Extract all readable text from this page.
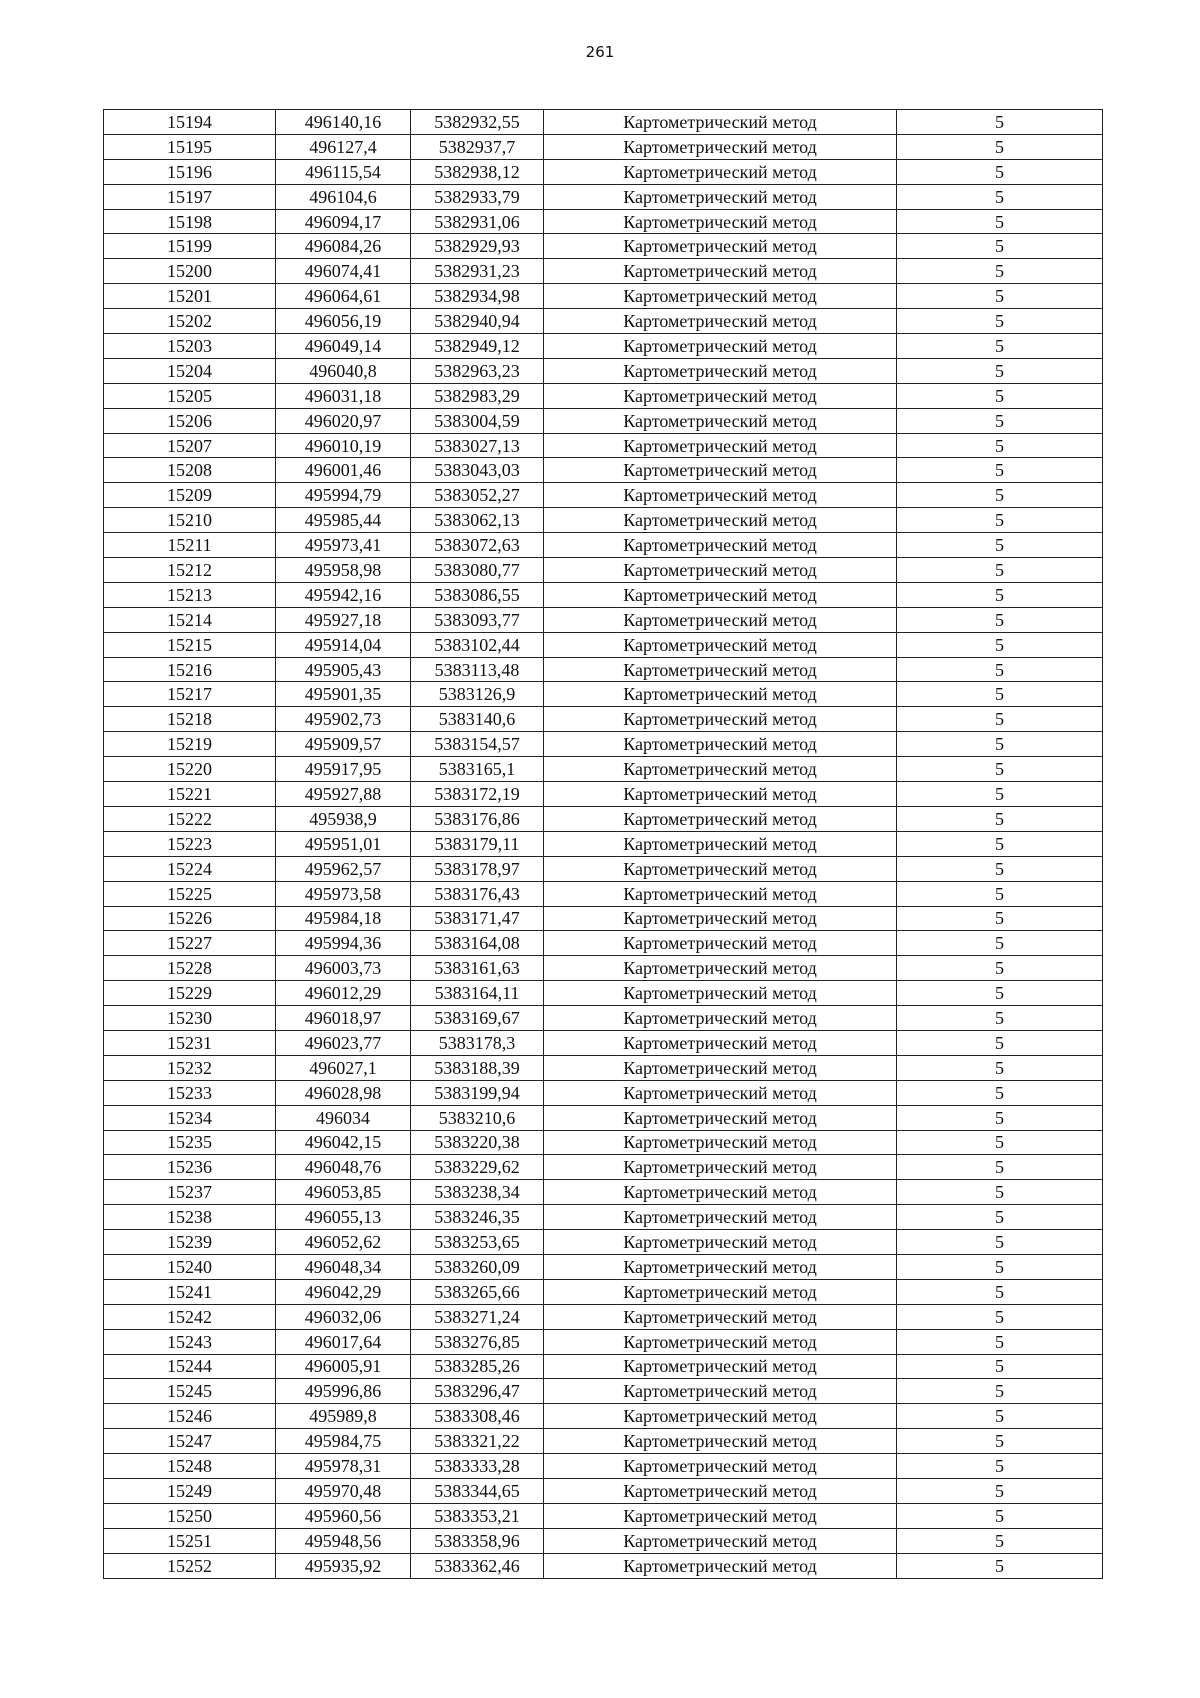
261
15194	496140,16	5382932,55	Картометрический метод	5
15195	496127,4	5382937,7	Картометрический метод	5
15196	496115,54	5382938,12	Картометрический метод	5
15197	496104,6	5382933,79	Картометрический метод	5
15198	496094,17	5382931,06	Картометрический метод	5
15199	496084,26	5382929,93	Картометрический метод	5
15200	496074,41	5382931,23	Картометрический метод	5
15201	496064,61	5382934,98	Картометрический метод	5
15202	496056,19	5382940,94	Картометрический метод	5
15203	496049,14	5382949,12	Картометрический метод	5
15204	496040,8	5382963,23	Картометрический метод	5
15205	496031,18	5382983,29	Картометрический метод	5
15206	496020,97	5383004,59	Картометрический метод	5
15207	496010,19	5383027,13	Картометрический метод	5
15208	496001,46	5383043,03	Картометрический метод	5
15209	495994,79	5383052,27	Картометрический метод	5
15210	495985,44	5383062,13	Картометрический метод	5
15211	495973,41	5383072,63	Картометрический метод	5
15212	495958,98	5383080,77	Картометрический метод	5
15213	495942,16	5383086,55	Картометрический метод	5
15214	495927,18	5383093,77	Картометрический метод	5
15215	495914,04	5383102,44	Картометрический метод	5
15216	495905,43	5383113,48	Картометрический метод	5
15217	495901,35	5383126,9	Картометрический метод	5
15218	495902,73	5383140,6	Картометрический метод	5
15219	495909,57	5383154,57	Картометрический метод	5
15220	495917,95	5383165,1	Картометрический метод	5
15221	495927,88	5383172,19	Картометрический метод	5
15222	495938,9	5383176,86	Картометрический метод	5
15223	495951,01	5383179,11	Картометрический метод	5
15224	495962,57	5383178,97	Картометрический метод	5
15225	495973,58	5383176,43	Картометрический метод	5
15226	495984,18	5383171,47	Картометрический метод	5
15227	495994,36	5383164,08	Картометрический метод	5
15228	496003,73	5383161,63	Картометрический метод	5
15229	496012,29	5383164,11	Картометрический метод	5
15230	496018,97	5383169,67	Картометрический метод	5
15231	496023,77	5383178,3	Картометрический метод	5
15232	496027,1	5383188,39	Картометрический метод	5
15233	496028,98	5383199,94	Картометрический метод	5
15234	496034	5383210,6	Картометрический метод	5
15235	496042,15	5383220,38	Картометрический метод	5
15236	496048,76	5383229,62	Картометрический метод	5
15237	496053,85	5383238,34	Картометрический метод	5
15238	496055,13	5383246,35	Картометрический метод	5
15239	496052,62	5383253,65	Картометрический метод	5
15240	496048,34	5383260,09	Картометрический метод	5
15241	496042,29	5383265,66	Картометрический метод	5
15242	496032,06	5383271,24	Картометрический метод	5
15243	496017,64	5383276,85	Картометрический метод	5
15244	496005,91	5383285,26	Картометрический метод	5
15245	495996,86	5383296,47	Картометрический метод	5
15246	495989,8	5383308,46	Картометрический метод	5
15247	495984,75	5383321,22	Картометрический метод	5
15248	495978,31	5383333,28	Картометрический метод	5
15249	495970,48	5383344,65	Картометрический метод	5
15250	495960,56	5383353,21	Картометрический метод	5
15251	495948,56	5383358,96	Картометрический метод	5
15252	495935,92	5383362,46	Картометрический метод	5
